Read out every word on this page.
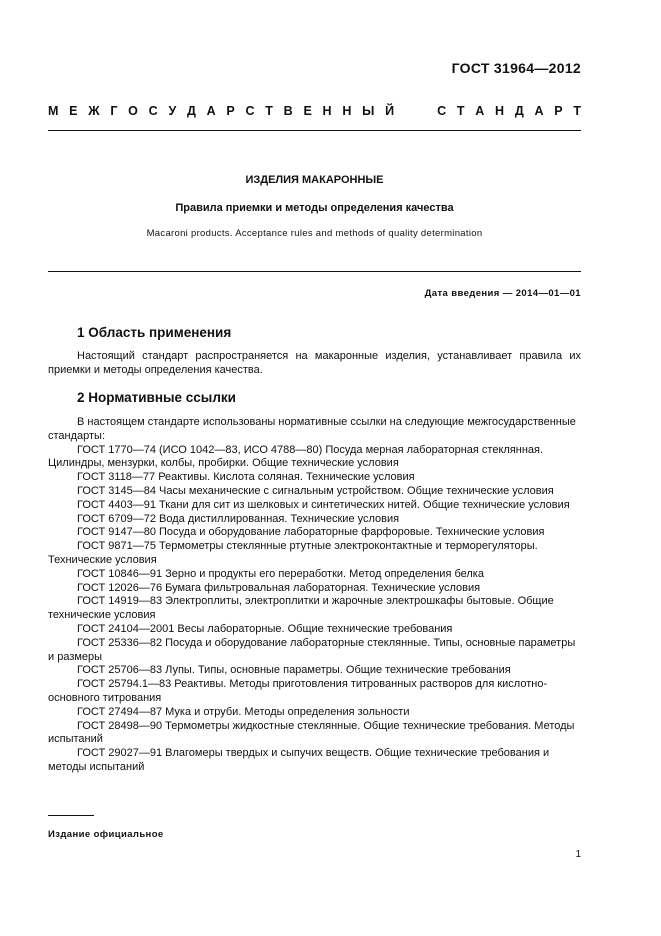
ГОСТ 31964—2012
М Е Ж Г О С У Д А Р С Т В Е Н Н Ы Й	С Т А Н Д А Р Т
ИЗДЕЛИЯ МАКАРОННЫЕ
Правила приемки и методы определения качества
Macaroni products. Acceptance rules and methods of quality determination
Дата введения — 2014—01—01
1 Область применения

Настоящий стандарт распространяется на макаронные изделия, устанавливает правила их приемки и методы определения качества.

2 Нормативные ссылки

В настоящем стандарте использованы нормативные ссылки на следующие межгосударственные стандарты:

ГОСТ 1770—74 (ИСО 1042—83, ИСО 4788—80) Посуда мерная лабораторная стеклянная. Цилиндры, мензурки, колбы, пробирки. Общие технические условия

ГОСТ 3118—77 Реактивы. Кислота соляная. Технические условия

ГОСТ 3145—84 Часы механические с сигнальным устройством. Общие технические условия

ГОСТ 4403—91 Ткани для сит из шелковых и синтетических нитей. Общие технические условия

ГОСТ 6709—72 Вода дистиллированная. Технические условия

ГОСТ 9147—80 Посуда и оборудование лабораторные фарфоровые. Технические условия

ГОСТ 9871—75 Термометры стеклянные ртутные электроконтактные и терморегуляторы. Технические условия

ГОСТ 10846—91 Зерно и продукты его переработки. Метод определения белка

ГОСТ 12026—76 Бумага фильтровальная лабораторная. Технические условия

ГОСТ 14919—83 Электроплиты, электроплитки и жарочные электрошкафы бытовые. Общие технические условия

ГОСТ 24104—2001 Весы лабораторные. Общие технические требования

ГОСТ 25336—82 Посуда и оборудование лабораторные стеклянные. Типы, основные параметры и размеры

ГОСТ 25706—83 Лупы. Типы, основные параметры. Общие технические требования

ГОСТ 25794.1—83 Реактивы. Методы приготовления титрованных растворов для кислотно-основного титрования

ГОСТ 27494—87 Мука и отруби. Методы определения зольности

ГОСТ 28498—90 Термометры жидкостные стеклянные. Общие технические требования. Методы испытаний

ГОСТ 29027—91 Влагомеры твердых и сыпучих веществ. Общие технические требования и методы испытаний

Издание официальное
1
